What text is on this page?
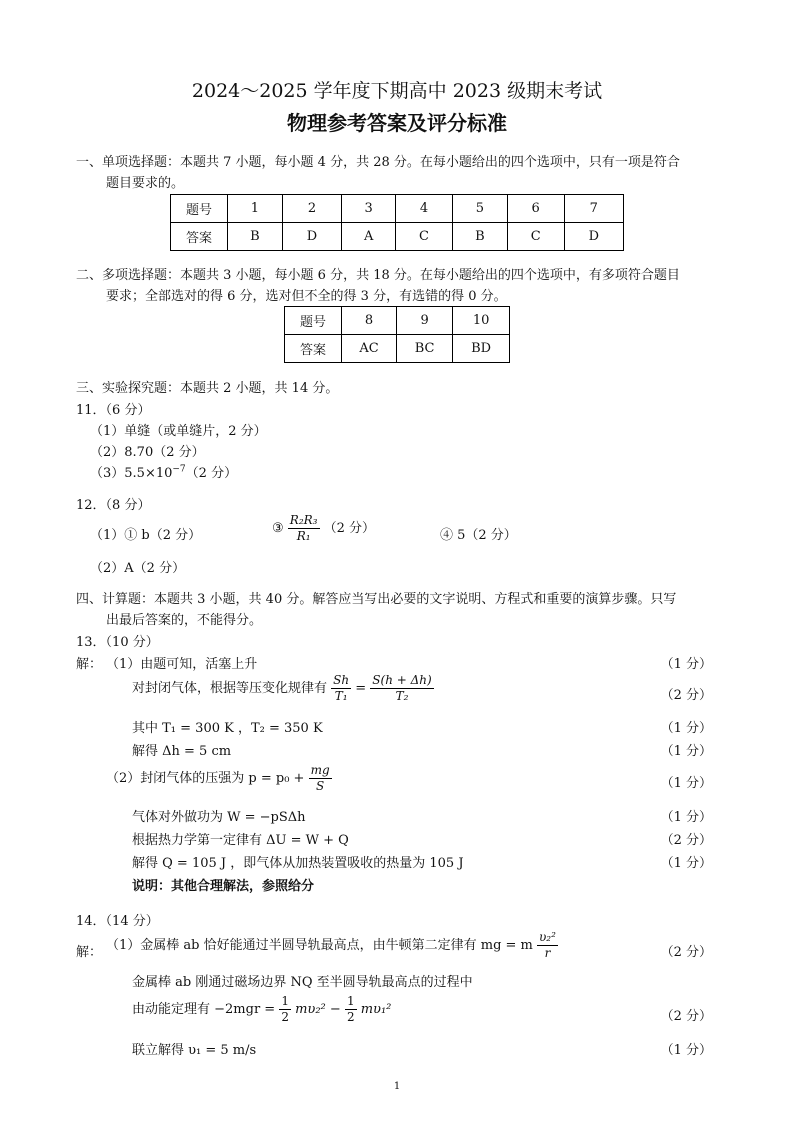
2024～2025 学年度下期高中 2023 级期末考试
物理参考答案及评分标准
一、单项选择题：本题共 7 小题，每小题 4 分，共 28 分。在每小题给出的四个选项中，只有一项是符合
题目要求的。
题号	1	2	3	4	5	6	7
答案	B	D	A	C	B	C	D
二、多项选择题：本题共 3 小题，每小题 6 分，共 18 分。在每小题给出的四个选项中，有多项符合题目
要求；全部选对的得 6 分，选对但不全的得 3 分，有选错的得 0 分。
题号	8	9	10
答案	AC	BC	BD
三、实验探究题：本题共 2 小题，共 14 分。
11．（6 分）
（1）单缝（或单缝片，2 分）
（2）8.70（2 分）
$(3)5.5\times 10^{-7}(2$ 分）
12．（8 分）
（1）① b（2 分）	③ $\frac{\text{R₂R₃}}{\text{R₁}} (2$ 分）	④ 5（2 分）
（2）A（2 分）
四、计算题：本题共 3 小题，共 40 分。解答应当写出必要的文字说明、方程式和重要的演算步骤。只写
出最后答案的，不能得分。
13．（10 分）
解： （1）由题可知，活塞上升	（1 分）
对封闭气体，根据等压变化规律有 $\frac{Sh}{\text{T₁}} = \frac{S(h + \Delta h)}{\text{T₂}}$	（2 分）
其中 T₁ = 300 K ，T₂ = 350 K	（1 分）
解得 Δh = 5 cm	（1 分）
（2）封闭气体的压强为 $p = p_0 + \frac{mg}{S}$	（1 分）
气体对外做功为 W = −pSΔh	（1 分）
根据热力学第一定律有 ΔU = W + Q	（2 分）
解得 Q = 105 J ，即气体从加热装置吸收的热量为 105 J	（1 分）
说明：其他合理解法，参照给分
14．（14 分）
解： （1）金属棒 ab 恰好能通过半圆导轨最高点，由牛顿第二定律有 mg = m $\frac{\text{υ₂²}}{r}$	（2 分）
金属棒 ab 刚通过磁场边界 NQ 至半圆导轨最高点的过程中
由动能定理有 $-2mgr = \frac{1}{2} m\upsilon_2^2 - \frac{1}{2} m\upsilon_1^2$	（2 分）
联立解得 υ₁ = 5 m/s	（1 分）
1
